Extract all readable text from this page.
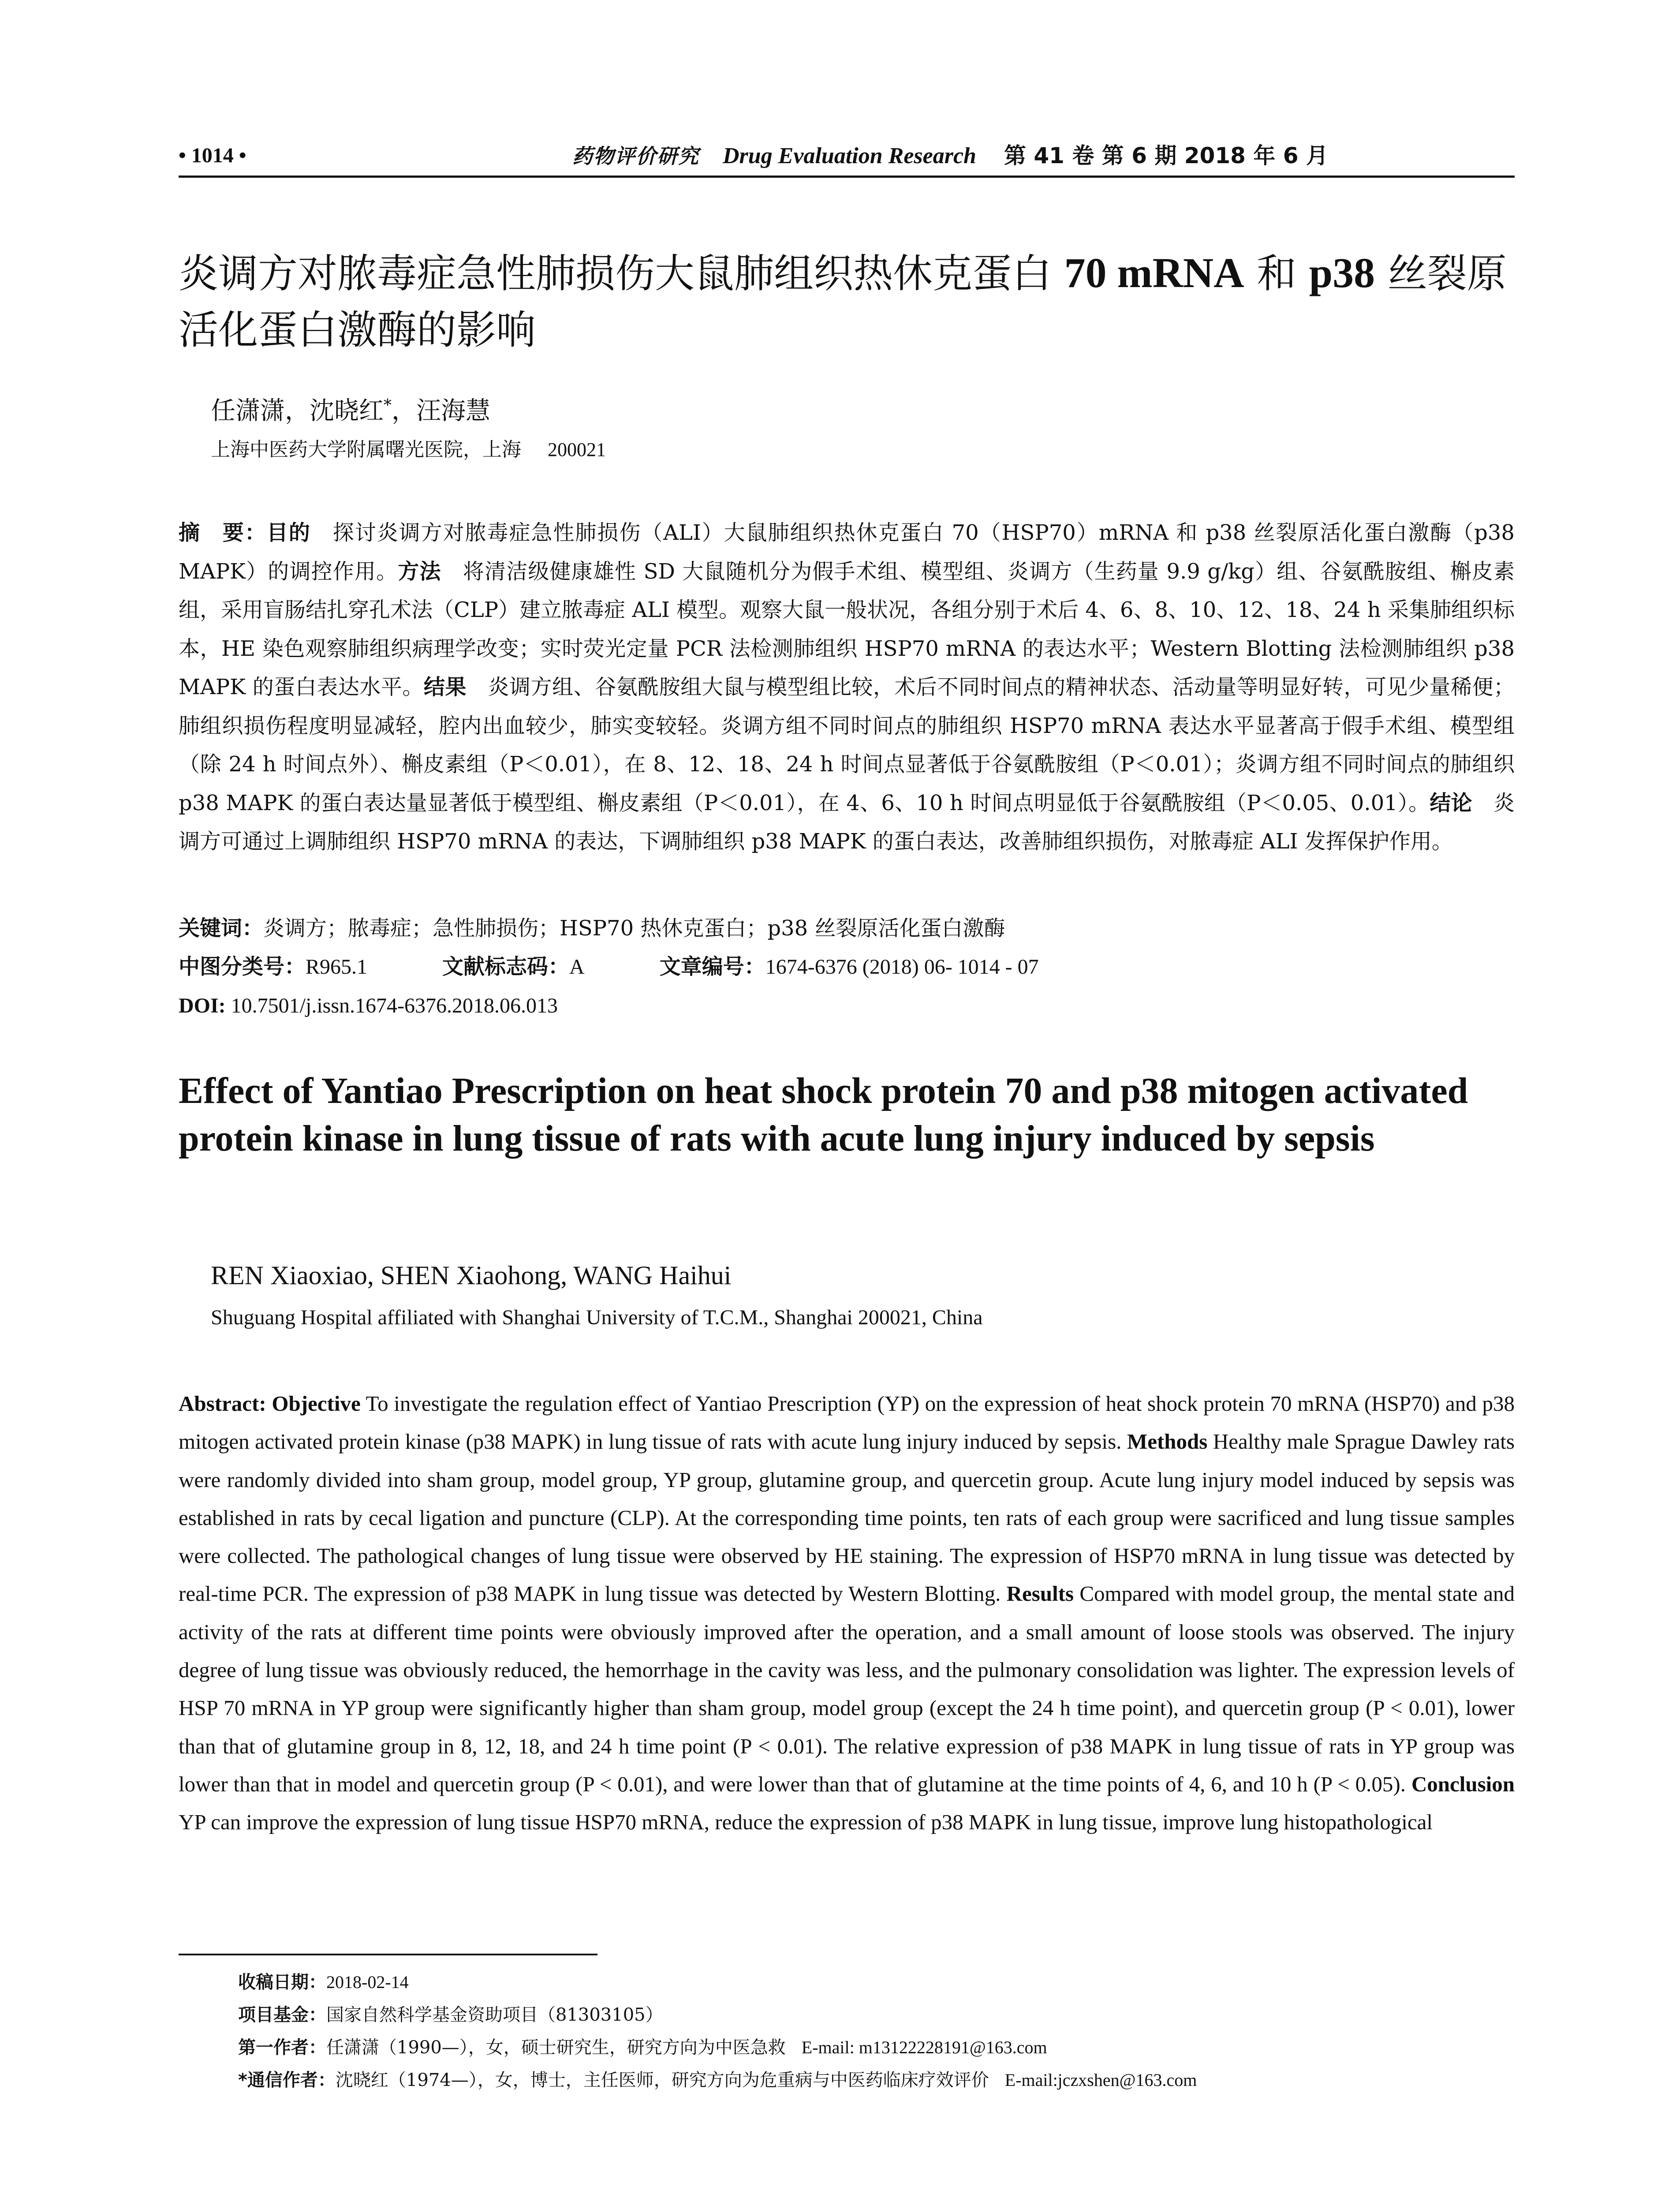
• 1014 •	药物评价研究 Drug Evaluation Research 第 41 卷 第 6 期 2018 年 6 月
炎调方对脓毒症急性肺损伤大鼠肺组织热休克蛋白 70 mRNA 和 p38 丝裂原活化蛋白激酶的影响
任潇潇，沈晓红*，汪海慧
上海中医药大学附属曙光医院，上海 200021
摘　要：目的　探讨炎调方对脓毒症急性肺损伤（ALI）大鼠肺组织热休克蛋白 70（HSP70）mRNA 和 p38 丝裂原活化蛋白激酶（p38 MAPK）的调控作用。方法　将清洁级健康雄性 SD 大鼠随机分为假手术组、模型组、炎调方（生药量 9.9 g/kg）组、谷氨酰胺组、槲皮素组，采用盲肠结扎穿孔术法（CLP）建立脓毒症 ALI 模型。观察大鼠一般状况，各组分别于术后 4、6、8、10、12、18、24 h 采集肺组织标本，HE 染色观察肺组织病理学改变；实时荧光定量 PCR 法检测肺组织 HSP70 mRNA 的表达水平；Western Blotting 法检测肺组织 p38 MAPK 的蛋白表达水平。结果　炎调方组、谷氨酰胺组大鼠与模型组比较，术后不同时间点的精神状态、活动量等明显好转，可见少量稀便；肺组织损伤程度明显减轻，腔内出血较少，肺实变较轻。炎调方组不同时间点的肺组织 HSP70 mRNA 表达水平显著高于假手术组、模型组（除 24 h 时间点外）、槲皮素组（P＜0.01），在 8、12、18、24 h 时间点显著低于谷氨酰胺组（P＜0.01）；炎调方组不同时间点的肺组织 p38 MAPK 的蛋白表达量显著低于模型组、槲皮素组（P＜0.01），在 4、6、10 h 时间点明显低于谷氨酰胺组（P＜0.05、0.01）。结论　炎调方可通过上调肺组织 HSP70 mRNA 的表达，下调肺组织 p38 MAPK 的蛋白表达，改善肺组织损伤，对脓毒症 ALI 发挥保护作用。
关键词：炎调方；脓毒症；急性肺损伤；HSP70 热休克蛋白；p38 丝裂原活化蛋白激酶
中图分类号：R965.1	文献标志码：A	文章编号：1674-6376 (2018) 06- 1014 - 07
DOI: 10.7501/j.issn.1674-6376.2018.06.013
Effect of Yantiao Prescription on heat shock protein 70 and p38 mitogen activated protein kinase in lung tissue of rats with acute lung injury induced by sepsis
REN Xiaoxiao, SHEN Xiaohong, WANG Haihui
Shuguang Hospital affiliated with Shanghai University of T.C.M., Shanghai 200021, China
Abstract: Objective To investigate the regulation effect of Yantiao Prescription (YP) on the expression of heat shock protein 70 mRNA (HSP70) and p38 mitogen activated protein kinase (p38 MAPK) in lung tissue of rats with acute lung injury induced by sepsis. Methods Healthy male Sprague Dawley rats were randomly divided into sham group, model group, YP group, glutamine group, and quercetin group. Acute lung injury model induced by sepsis was established in rats by cecal ligation and puncture (CLP). At the corresponding time points, ten rats of each group were sacrificed and lung tissue samples were collected. The pathological changes of lung tissue were observed by HE staining. The expression of HSP70 mRNA in lung tissue was detected by real-time PCR. The expression of p38 MAPK in lung tissue was detected by Western Blotting. Results Compared with model group, the mental state and activity of the rats at different time points were obviously improved after the operation, and a small amount of loose stools was observed. The injury degree of lung tissue was obviously reduced, the hemorrhage in the cavity was less, and the pulmonary consolidation was lighter. The expression levels of HSP 70 mRNA in YP group were significantly higher than sham group, model group (except the 24 h time point), and quercetin group (P < 0.01), lower than that of glutamine group in 8, 12, 18, and 24 h time point (P < 0.01). The relative expression of p38 MAPK in lung tissue of rats in YP group was lower than that in model and quercetin group (P < 0.01), and were lower than that of glutamine at the time points of 4, 6, and 10 h (P < 0.05). Conclusion YP can improve the expression of lung tissue HSP70 mRNA, reduce the expression of p38 MAPK in lung tissue, improve lung histopathological
收稿日期：2018-02-14
项目基金：国家自然科学基金资助项目（81303105）
第一作者：任潇潇（1990—），女，硕士研究生，研究方向为中医急救 E-mail: m13122228191@163.com
*通信作者：沈晓红（1974—），女，博士，主任医师，研究方向为危重病与中医药临床疗效评价 E-mail:jczxshen@163.com
